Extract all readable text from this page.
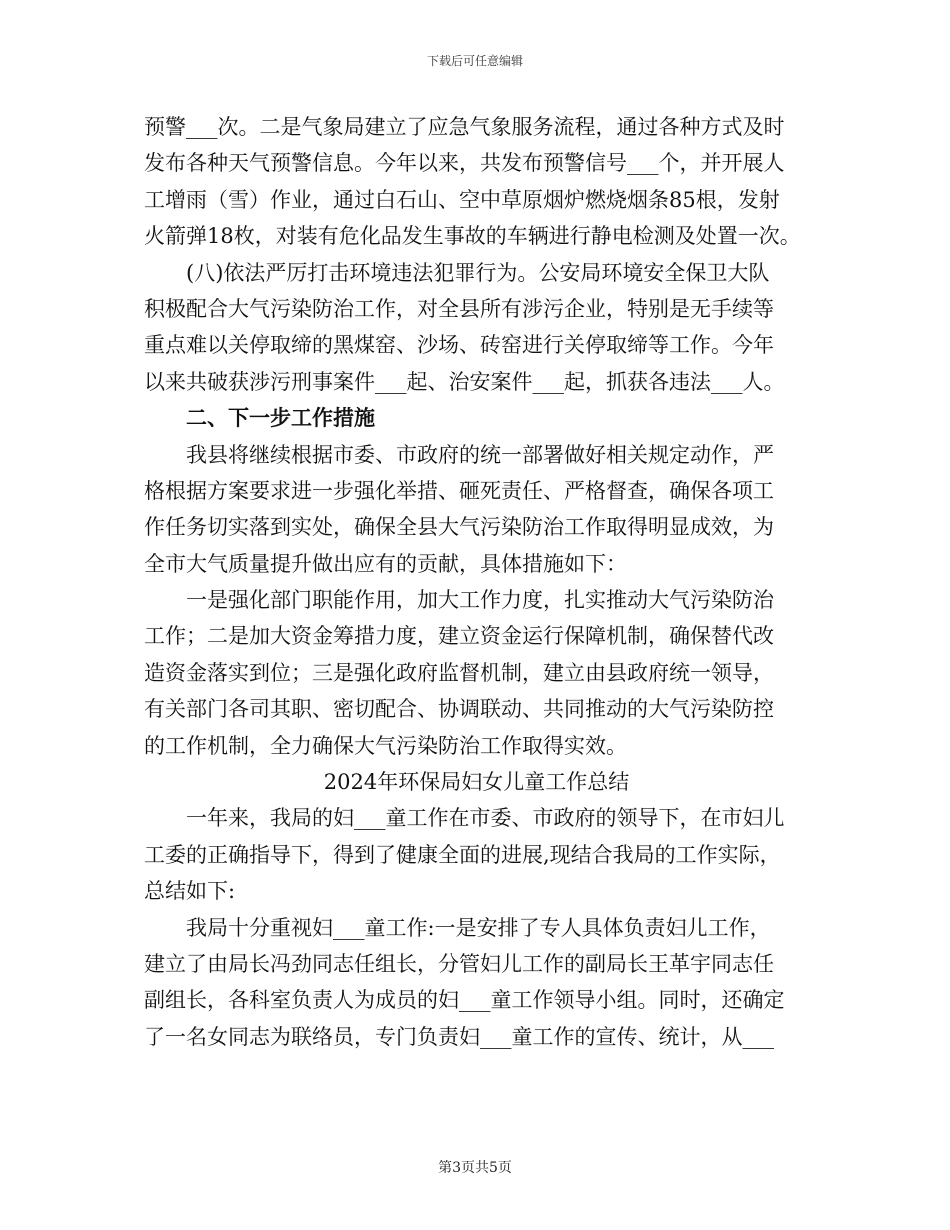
下载后可任意编辑
预警___次。二是气象局建立了应急气象服务流程，通过各种方式及时
发布各种天气预警信息。今年以来，共发布预警信号___个，并开展人
工增雨（雪）作业，通过白石山、空中草原烟炉燃烧烟条85根，发射
火箭弹18枚，对装有危化品发生事故的车辆进行静电检测及处置一次。
(八)依法严厉打击环境违法犯罪行为。公安局环境安全保卫大队
积极配合大气污染防治工作，对全县所有涉污企业，特别是无手续等
重点难以关停取缔的黑煤窑、沙场、砖窑进行关停取缔等工作。今年
以来共破获涉污刑事案件___起、治安案件___起，抓获各违法___人。
二、下一步工作措施
我县将继续根据市委、市政府的统一部署做好相关规定动作，严
格根据方案要求进一步强化举措、砸死责任、严格督查，确保各项工
作任务切实落到实处，确保全县大气污染防治工作取得明显成效，为
全市大气质量提升做出应有的贡献，具体措施如下：
一是强化部门职能作用，加大工作力度，扎实推动大气污染防治
工作；二是加大资金筹措力度，建立资金运行保障机制，确保替代改
造资金落实到位；三是强化政府监督机制，建立由县政府统一领导，
有关部门各司其职、密切配合、协调联动、共同推动的大气污染防控
的工作机制，全力确保大气污染防治工作取得实效。
2024年环保局妇女儿童工作总结
一年来，我局的妇___童工作在市委、市政府的领导下，在市妇儿
工委的正确指导下，得到了健康全面的进展,现结合我局的工作实际，
总结如下:
我局十分重视妇___童工作:一是安排了专人具体负责妇儿工作，
建立了由局长冯劲同志任组长，分管妇儿工作的副局长王革宇同志任
副组长，各科室负责人为成员的妇___童工作领导小组。同时，还确定
了一名女同志为联络员，专门负责妇___童工作的宣传、统计，从___
第3页共5页
